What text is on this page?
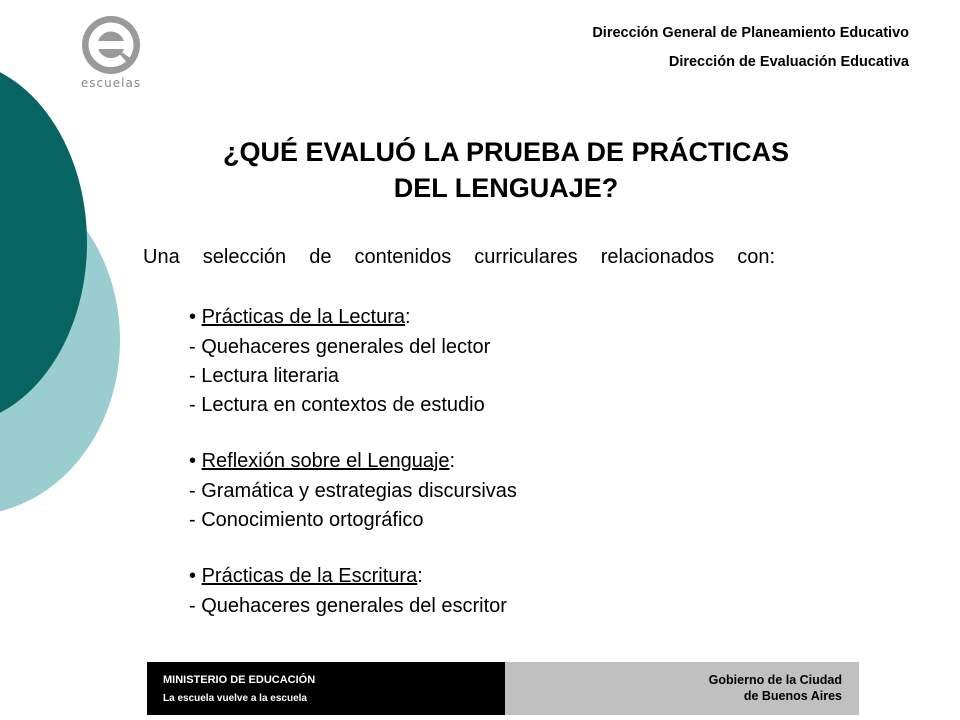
escuelas
Dirección General de Planeamiento Educativo
Dirección de Evaluación Educativa
¿QUÉ EVALUÓ LA PRUEBA DE PRÁCTICAS
DEL LENGUAJE?
Una selección de contenidos curriculares relacionados con:
• Prácticas de la Lectura:
- Quehaceres generales del lector
- Lectura literaria
- Lectura en contextos de estudio
• Reflexión sobre el Lenguaje:
- Gramática y estrategias discursivas
- Conocimiento ortográfico
• Prácticas de la Escritura:
- Quehaceres generales del escritor
MINISTERIO DE EDUCACIÓN
La escuela vuelve a la escuela
Gobierno de la Ciudad
de Buenos Aires
